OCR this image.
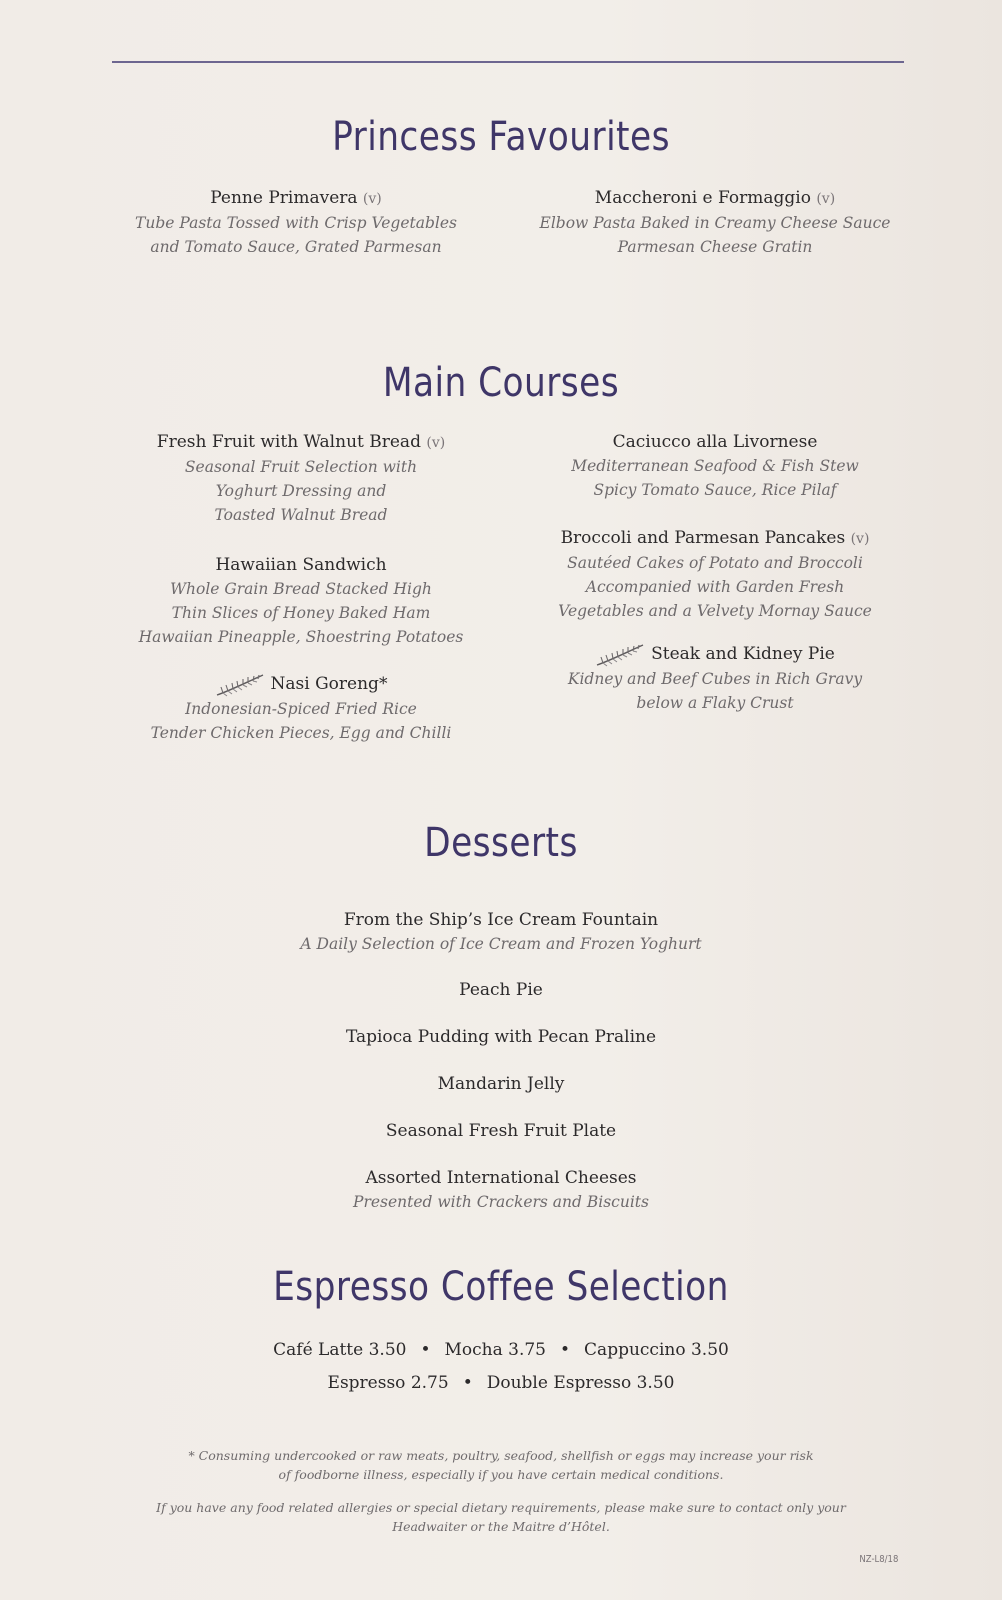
Princess Favourites
Penne Primavera (v)
Tube Pasta Tossed with Crisp Vegetables
and Tomato Sauce, Grated Parmesan
Maccheroni e Formaggio (v)
Elbow Pasta Baked in Creamy Cheese Sauce
Parmesan Cheese Gratin
Main Courses
Fresh Fruit with Walnut Bread (v)
Seasonal Fruit Selection with
Yoghurt Dressing and
Toasted Walnut Bread
Hawaiian Sandwich
Whole Grain Bread Stacked High
Thin Slices of Honey Baked Ham
Hawaiian Pineapple, Shoestring Potatoes
Nasi Goreng*
Indonesian-Spiced Fried Rice
Tender Chicken Pieces, Egg and Chilli
Caciucco alla Livornese
Mediterranean Seafood & Fish Stew
Spicy Tomato Sauce, Rice Pilaf
Broccoli and Parmesan Pancakes (v)
Sautéed Cakes of Potato and Broccoli
Accompanied with Garden Fresh
Vegetables and a Velvety Mornay Sauce
Steak and Kidney Pie
Kidney and Beef Cubes in Rich Gravy
below a Flaky Crust
Desserts
From the Ship’s Ice Cream Fountain
A Daily Selection of Ice Cream and Frozen Yoghurt
Peach Pie
Tapioca Pudding with Pecan Praline
Mandarin Jelly
Seasonal Fresh Fruit Plate
Assorted International Cheeses
Presented with Crackers and Biscuits
Espresso Coffee Selection
Café Latte 3.50 • Mocha 3.75 • Cappuccino 3.50
Espresso 2.75 • Double Espresso 3.50
* Consuming undercooked or raw meats, poultry, seafood, shellfish or eggs may increase your risk
of foodborne illness, especially if you have certain medical conditions.
If you have any food related allergies or special dietary requirements, please make sure to contact only your
Headwaiter or the Maitre d’Hôtel.
NZ-L8/18
